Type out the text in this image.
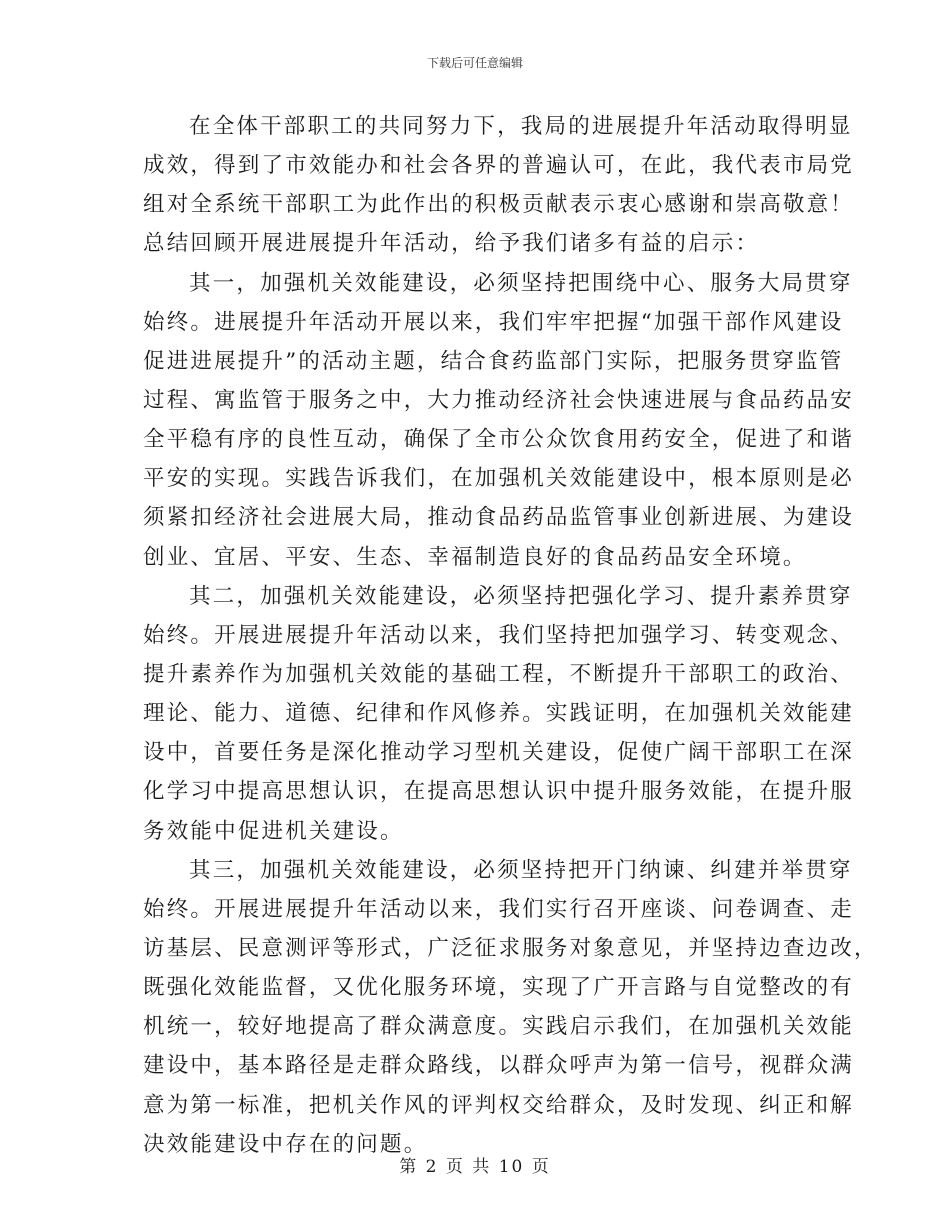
下载后可任意编辑
在全体干部职工的共同努力下，我局的进展提升年活动取得明显
成效，得到了市效能办和社会各界的普遍认可，在此，我代表市局党
组对全系统干部职工为此作出的积极贡献表示衷心感谢和崇高敬意！
总结回顾开展进展提升年活动，给予我们诸多有益的启示：
其一，加强机关效能建设，必须坚持把围绕中心、服务大局贯穿
始终。进展提升年活动开展以来，我们牢牢把握“加强干部作风建设
促进进展提升”的活动主题，结合食药监部门实际，把服务贯穿监管
过程、寓监管于服务之中，大力推动经济社会快速进展与食品药品安
全平稳有序的良性互动，确保了全市公众饮食用药安全，促进了和谐
平安的实现。实践告诉我们，在加强机关效能建设中，根本原则是必
须紧扣经济社会进展大局，推动食品药品监管事业创新进展、为建设
创业、宜居、平安、生态、幸福制造良好的食品药品安全环境。
其二，加强机关效能建设，必须坚持把强化学习、提升素养贯穿
始终。开展进展提升年活动以来，我们坚持把加强学习、转变观念、
提升素养作为加强机关效能的基础工程，不断提升干部职工的政治、
理论、能力、道德、纪律和作风修养。实践证明，在加强机关效能建
设中，首要任务是深化推动学习型机关建设，促使广阔干部职工在深
化学习中提高思想认识，在提高思想认识中提升服务效能，在提升服
务效能中促进机关建设。
其三，加强机关效能建设，必须坚持把开门纳谏、纠建并举贯穿
始终。开展进展提升年活动以来，我们实行召开座谈、问卷调查、走
访基层、民意测评等形式，广泛征求服务对象意见，并坚持边查边改，
既强化效能监督，又优化服务环境，实现了广开言路与自觉整改的有
机统一，较好地提高了群众满意度。实践启示我们，在加强机关效能
建设中，基本路径是走群众路线，以群众呼声为第一信号，视群众满
意为第一标准，把机关作风的评判权交给群众，及时发现、纠正和解
决效能建设中存在的问题。
第 2 页 共 10 页
